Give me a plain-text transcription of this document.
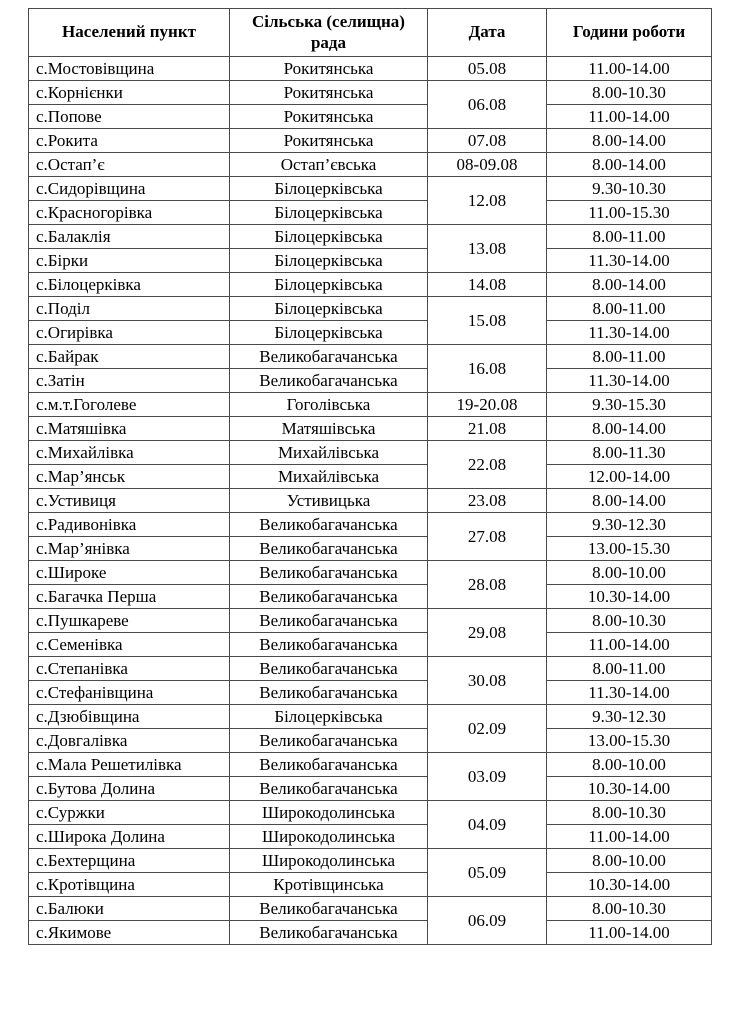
Населений пункт	Сільська (селищна) рада	Дата	Години роботи
с.Мостовівщина	Рокитянська	05.08	11.00-14.00
с.Корнієнки	Рокитянська	06.08	8.00-10.30
с.Попове	Рокитянська		11.00-14.00
с.Рокита	Рокитянська	07.08	8.00-14.00
с.Остап’є	Остап’євська	08-09.08	8.00-14.00
с.Сидорівщина	Білоцерківська	12.08	9.30-10.30
с.Красногорівка	Білоцерківська		11.00-15.30
с.Балаклія	Білоцерківська	13.08	8.00-11.00
с.Бірки	Білоцерківська		11.30-14.00
с.Білоцерківка	Білоцерківська	14.08	8.00-14.00
с.Поділ	Білоцерківська	15.08	8.00-11.00
с.Огирівка	Білоцерківська		11.30-14.00
с.Байрак	Великобагачанська	16.08	8.00-11.00
с.Затін	Великобагачанська		11.30-14.00
с.м.т.Гоголеве	Гоголівська	19-20.08	9.30-15.30
с.Матяшівка	Матяшівська	21.08	8.00-14.00
с.Михайлівка	Михайлівська	22.08	8.00-11.30
с.Мар’янськ	Михайлівська		12.00-14.00
с.Устивиця	Устивицька	23.08	8.00-14.00
с.Радивонівка	Великобагачанська	27.08	9.30-12.30
с.Мар’янівка	Великобагачанська		13.00-15.30
с.Широке	Великобагачанська	28.08	8.00-10.00
с.Багачка Перша	Великобагачанська		10.30-14.00
с.Пушкареве	Великобагачанська	29.08	8.00-10.30
с.Семенівка	Великобагачанська		11.00-14.00
с.Степанівка	Великобагачанська	30.08	8.00-11.00
с.Стефанівщина	Великобагачанська		11.30-14.00
с.Дзюбівщина	Білоцерківська	02.09	9.30-12.30
с.Довгалівка	Великобагачанська		13.00-15.30
с.Мала Решетилівка	Великобагачанська	03.09	8.00-10.00
с.Бутова Долина	Великобагачанська		10.30-14.00
с.Суржки	Широкодолинська	04.09	8.00-10.30
с.Широка Долина	Широкодолинська		11.00-14.00
с.Бехтерщина	Широкодолинська	05.09	8.00-10.00
с.Кротівщина	Кротівщинська		10.30-14.00
с.Балюки	Великобагачанська	06.09	8.00-10.30
с.Якимове	Великобагачанська		11.00-14.00
